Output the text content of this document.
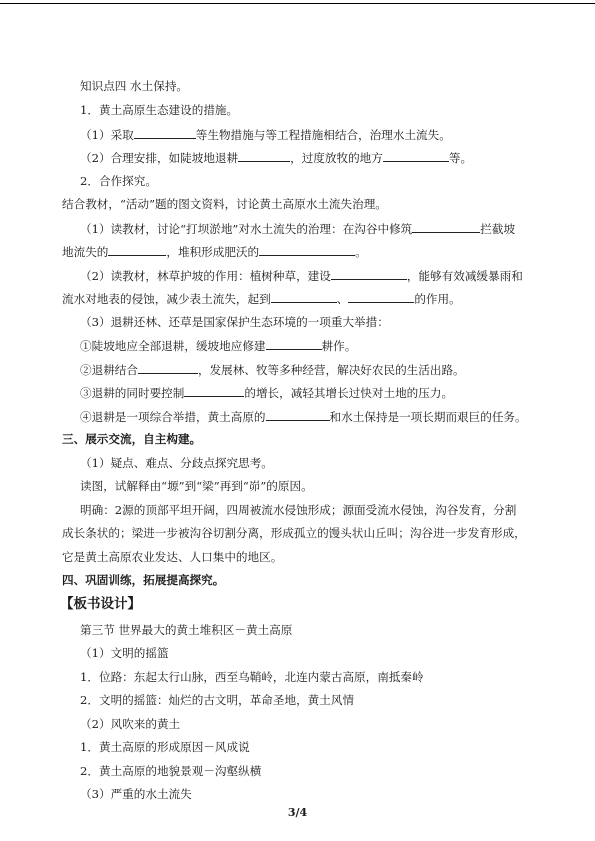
知识点四 水土保持。
1．黄土高原生态建设的措施。
（1）采取	等生物措施与等工程措施相结合，治理水土流失。
（2）合理安排，如陡坡地退耕	，过度放牧的地方	等。
2．合作探究。
结合教材，“活动”题的图文资料，讨论黄土高原水土流失治理。
（1）读教材，讨论“打坝淤地”对水土流失的治理：在沟谷中修筑	拦截坡
地流失的	，堆积形成肥沃的	。
（2）读教材，林草护坡的作用：植树种草，建设	，能够有效减缓暴雨和
流水对地表的侵蚀，减少表土流失，起到	、	的作用。
（3）退耕还林、还草是国家保护生态环境的一项重大举措：
①陡坡地应全部退耕，缓坡地应修建	耕作。
②退耕结合	，发展林、牧等多种经营，解决好农民的生活出路。
③退耕的同时要控制	的增长，减轻其增长过快对土地的压力。
④退耕是一项综合举措，黄土高原的	和水土保持是一项长期而艰巨的任务。
三、展示交流，自主构建。
（1）疑点、难点、分歧点探究思考。
读图，试解释由“塬”到“梁”再到“峁”的原因。
明确：2源的顶部平坦开阔，四周被流水侵蚀形成；源面受流水侵蚀，沟谷发育，分割
成长条状的；梁进一步被沟谷切割分离，形成孤立的馒头状山丘叫；沟谷进一步发育形成，
它是黄土高原农业发达、人口集中的地区。
四、巩固训练，拓展提高探究。
【板书设计】
第三节 世界最大的黄土堆积区－黄土高原
（1）文明的摇篮
1．位路：东起太行山脉，西至乌鞘岭，北连内蒙古高原，南抵秦岭
2．文明的摇篮：灿烂的古文明，革命圣地，黄土风情
（2）风吹来的黄土
1．黄土高原的形成原因－风成说
2．黄土高原的地貌景观－沟壑纵横
（3）严重的水土流失
3/4
